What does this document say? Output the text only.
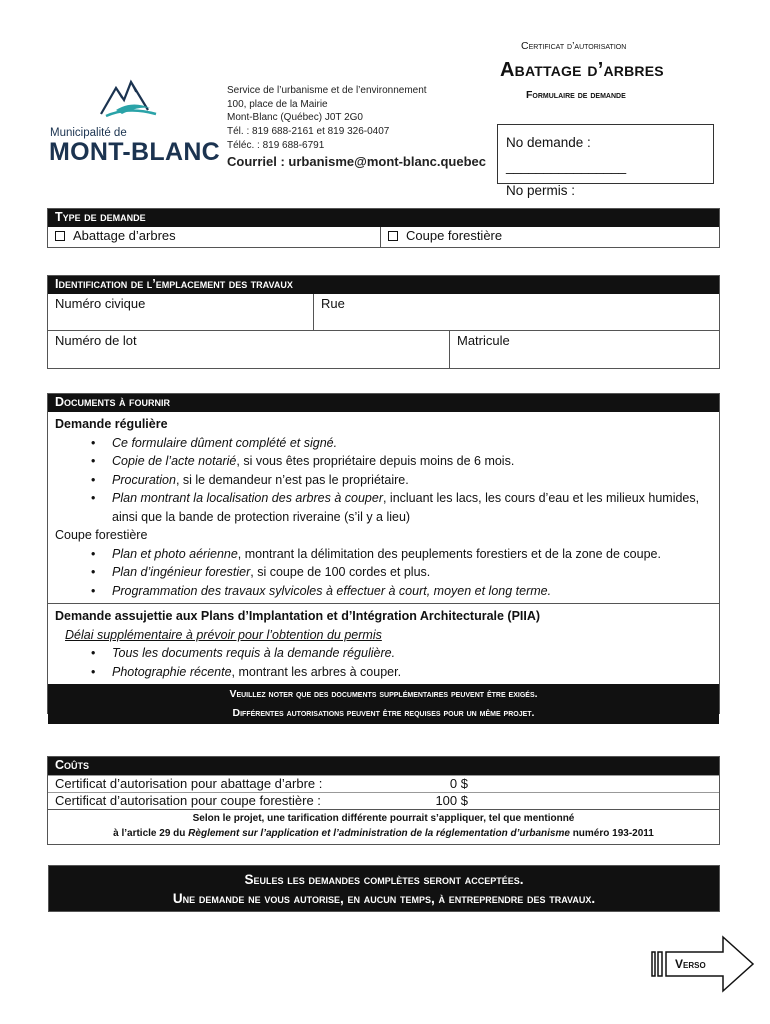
Municipalité de
MONT-BLANC
Service de l’urbanisme et de l’environnement
100, place de la Mairie
Mont-Blanc (Québec) J0T 2G0
Tél. : 819 688-2161 et 819 326-0407
Téléc. : 819 688-6791
Courriel : urbanisme@mont-blanc.quebec
Certificat d’autorisation
Abattage d’arbres
Formulaire de demande
No demande : ________________
No permis :
Type de demande
Abattage d’arbres	Coupe forestière
Identification de l’emplacement des travaux
Numéro civique	Rue
Numéro de lot	Matricule
Documents à fournir
Demande régulière
• Ce formulaire dûment complété et signé.
• Copie de l’acte notarié, si vous êtes propriétaire depuis moins de 6 mois.
• Procuration, si le demandeur n’est pas le propriétaire.
• Plan montrant la localisation des arbres à couper, incluant les lacs, les cours d’eau et les milieux humides, ainsi que la bande de protection riveraine (s’il y a lieu)
Coupe forestière
• Plan et photo aérienne, montrant la délimitation des peuplements forestiers et de la zone de coupe.
• Plan d’ingénieur forestier, si coupe de 100 cordes et plus.
• Programmation des travaux sylvicoles à effectuer à court, moyen et long terme.
Demande assujettie aux Plans d’Implantation et d’Intégration Architecturale (PIIA)
Délai supplémentaire à prévoir pour l’obtention du permis
• Tous les documents requis à la demande régulière.
• Photographie récente, montrant les arbres à couper.
Veuillez noter que des documents supplémentaires peuvent être exigés.
Différentes autorisations peuvent être requises pour un même projet.
Coûts
Certificat d’autorisation pour abattage d’arbre :	0 $
Certificat d’autorisation pour coupe forestière :	100 $
Selon le projet, une tarification différente pourrait s’appliquer, tel que mentionné
à l’article 29 du Règlement sur l’application et l’administration de la réglementation d’urbanisme numéro 193-2011
Seules les demandes complètes seront acceptées.
Une demande ne vous autorise, en aucun temps, à entreprendre des travaux.
Verso
